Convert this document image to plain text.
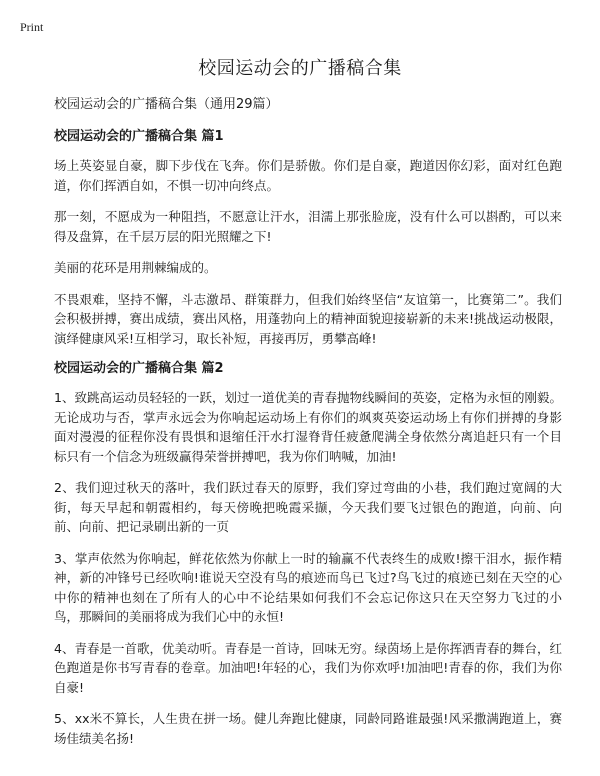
Print
校园运动会的广播稿合集

校园运动会的广播稿合集（通用29篇）

校园运动会的广播稿合集 篇1

场上英姿显自豪，脚下步伐在飞奔。你们是骄傲。你们是自豪，跑道因你幻彩，面对红色跑道，你们挥洒自如，不惧一切冲向终点。

那一刻，不愿成为一种阻挡，不愿意让汗水，泪濡上那张脸庞，没有什么可以斟酌，可以来得及盘算，在千层万层的阳光照耀之下!

美丽的花环是用荆棘编成的。

不畏艰难，坚持不懈，斗志激昂、群策群力，但我们始终坚信“友谊第一，比赛第二”。我们会积极拼搏，赛出成绩，赛出风格，用蓬勃向上的精神面貌迎接崭新的未来!挑战运动极限，演绎健康风采!互相学习，取长补短，再接再厉，勇攀高峰!

校园运动会的广播稿合集 篇2

1、致跳高运动员轻轻的一跃，划过一道优美的青春抛物线瞬间的英姿，定格为永恒的刚毅。无论成功与否，掌声永远会为你响起运动场上有你们的飒爽英姿运动场上有你们拼搏的身影面对漫漫的征程你没有畏惧和退缩任汗水打湿脊背任疲惫爬满全身依然分离追赶只有一个目标只有一个信念为班级赢得荣誉拼搏吧，我为你们呐喊，加油!

2、我们迎过秋天的落叶，我们跃过春天的原野，我们穿过弯曲的小巷，我们跑过宽阔的大街，每天早起和朝霞相约，每天傍晚把晚霞采撷，今天我们要飞过银色的跑道，向前、向前、向前、把记录刷出新的一页

3、掌声依然为你响起，鲜花依然为你献上一时的输赢不代表终生的成败!擦干泪水，振作精神，新的冲锋号已经吹响!谁说天空没有鸟的痕迹而鸟已飞过?鸟飞过的痕迹已刻在天空的心中你的精神也刻在了所有人的心中不论结果如何我们不会忘记你这只在天空努力飞过的小鸟，那瞬间的美丽将成为我们心中的永恒!

4、青春是一首歌，优美动听。青春是一首诗，回味无穷。绿茵场上是你挥洒青春的舞台，红色跑道是你书写青春的卷章。加油吧!年轻的心，我们为你欢呼!加油吧!青春的你，我们为你自豪!

5、xx米不算长，人生贵在拼一场。健儿奔跑比健康，同龄同路谁最强!风采撒满跑道上，赛场佳绩美名扬!
